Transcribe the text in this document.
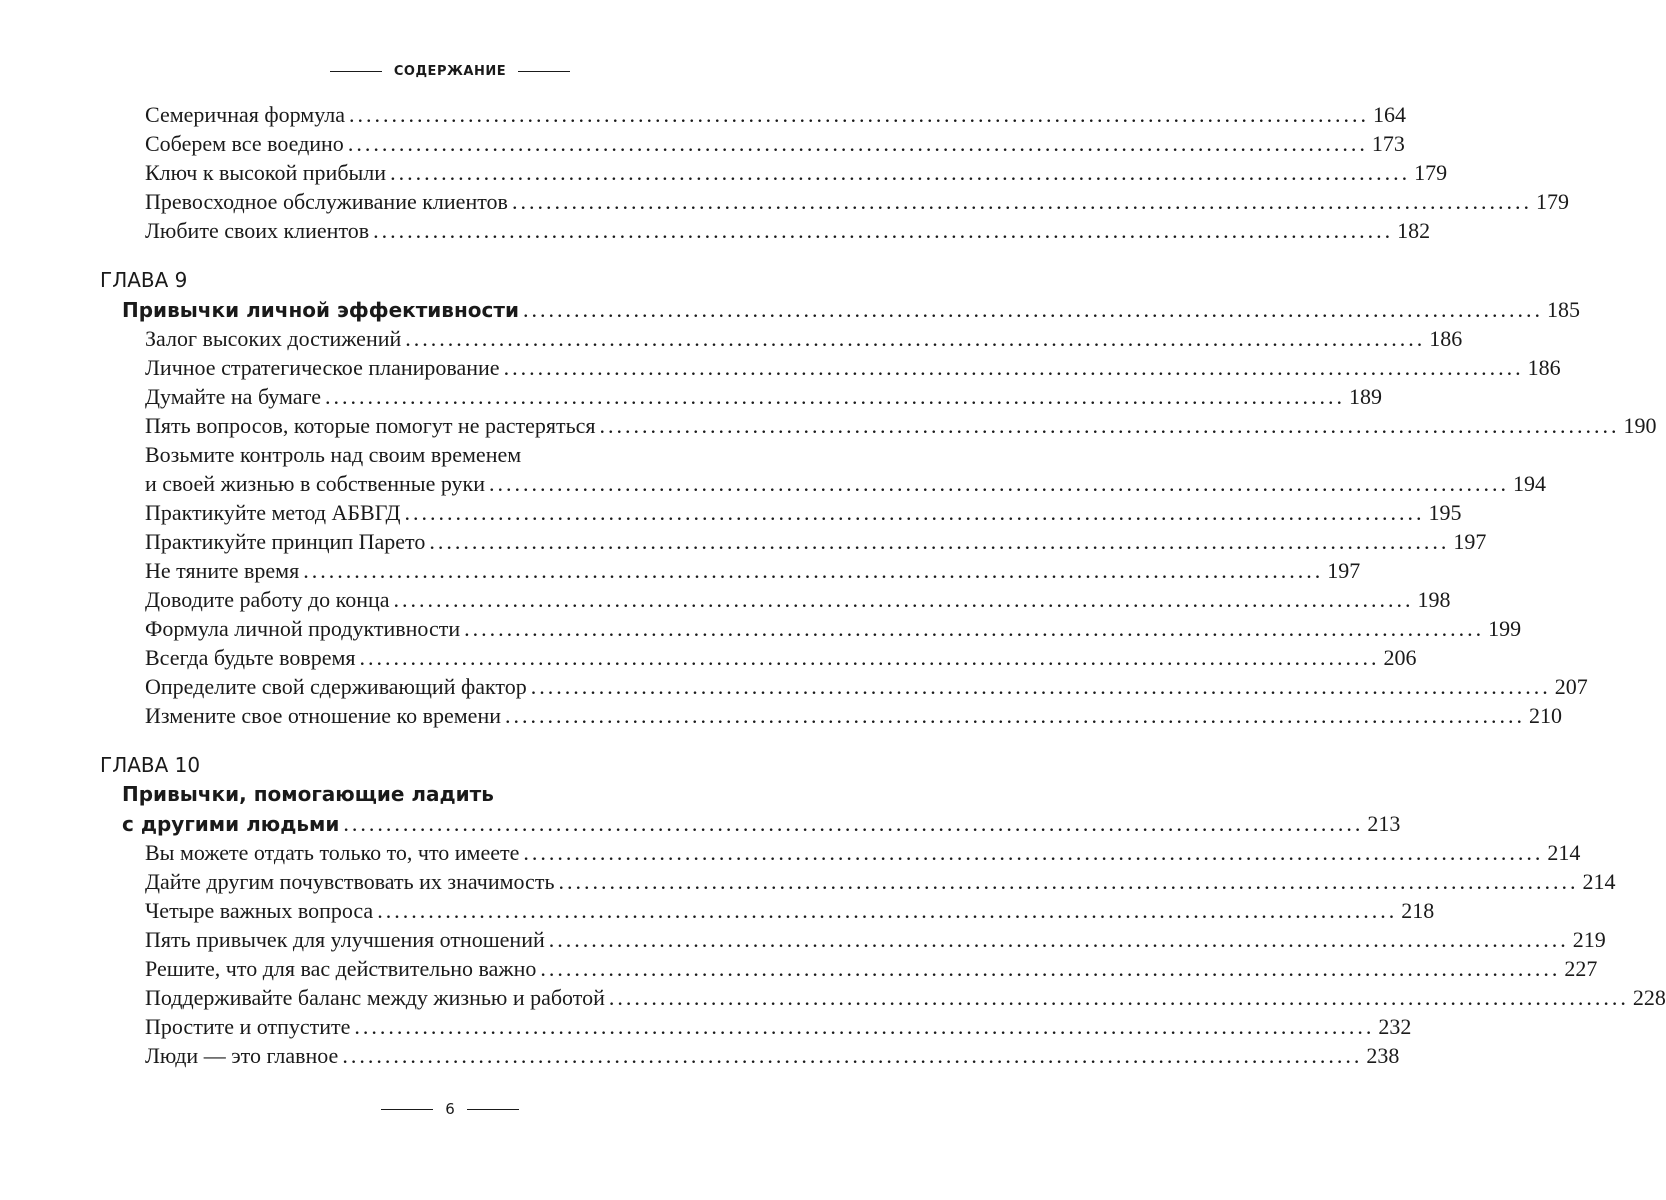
СОДЕРЖАНИЕ
Семеричная формула ........................................................................................................................ 164
Соберем все воедино ........................................................................................................................ 173
Ключ к высокой прибыли ........................................................................................................................ 179
Превосходное обслуживание клиентов ........................................................................................................................ 179
Любите своих клиентов ........................................................................................................................ 182
ГЛАВА 9
Привычки личной эффективности ........................................................................................................................ 185
Залог высоких достижений ........................................................................................................................ 186
Личное стратегическое планирование ........................................................................................................................ 186
Думайте на бумаге ........................................................................................................................ 189
Пять вопросов, которые помогут не растеряться ........................................................................................................................ 190
Возьмите контроль над своим временем
и своей жизнью в собственные руки ........................................................................................................................ 194
Практикуйте метод АБВГД ........................................................................................................................ 195
Практикуйте принцип Парето ........................................................................................................................ 197
Не тяните время ........................................................................................................................ 197
Доводите работу до конца ........................................................................................................................ 198
Формула личной продуктивности ........................................................................................................................ 199
Всегда будьте вовремя ........................................................................................................................ 206
Определите свой сдерживающий фактор ........................................................................................................................ 207
Измените свое отношение ко времени ........................................................................................................................ 210
ГЛАВА 10
Привычки, помогающие ладить
с другими людьми ........................................................................................................................ 213
Вы можете отдать только то, что имеете ........................................................................................................................ 214
Дайте другим почувствовать их значимость ........................................................................................................................ 214
Четыре важных вопроса ........................................................................................................................ 218
Пять привычек для улучшения отношений ........................................................................................................................ 219
Решите, что для вас действительно важно ........................................................................................................................ 227
Поддерживайте баланс между жизнью и работой ........................................................................................................................ 228
Простите и отпустите ........................................................................................................................ 232
Люди — это главное ........................................................................................................................ 238
6
